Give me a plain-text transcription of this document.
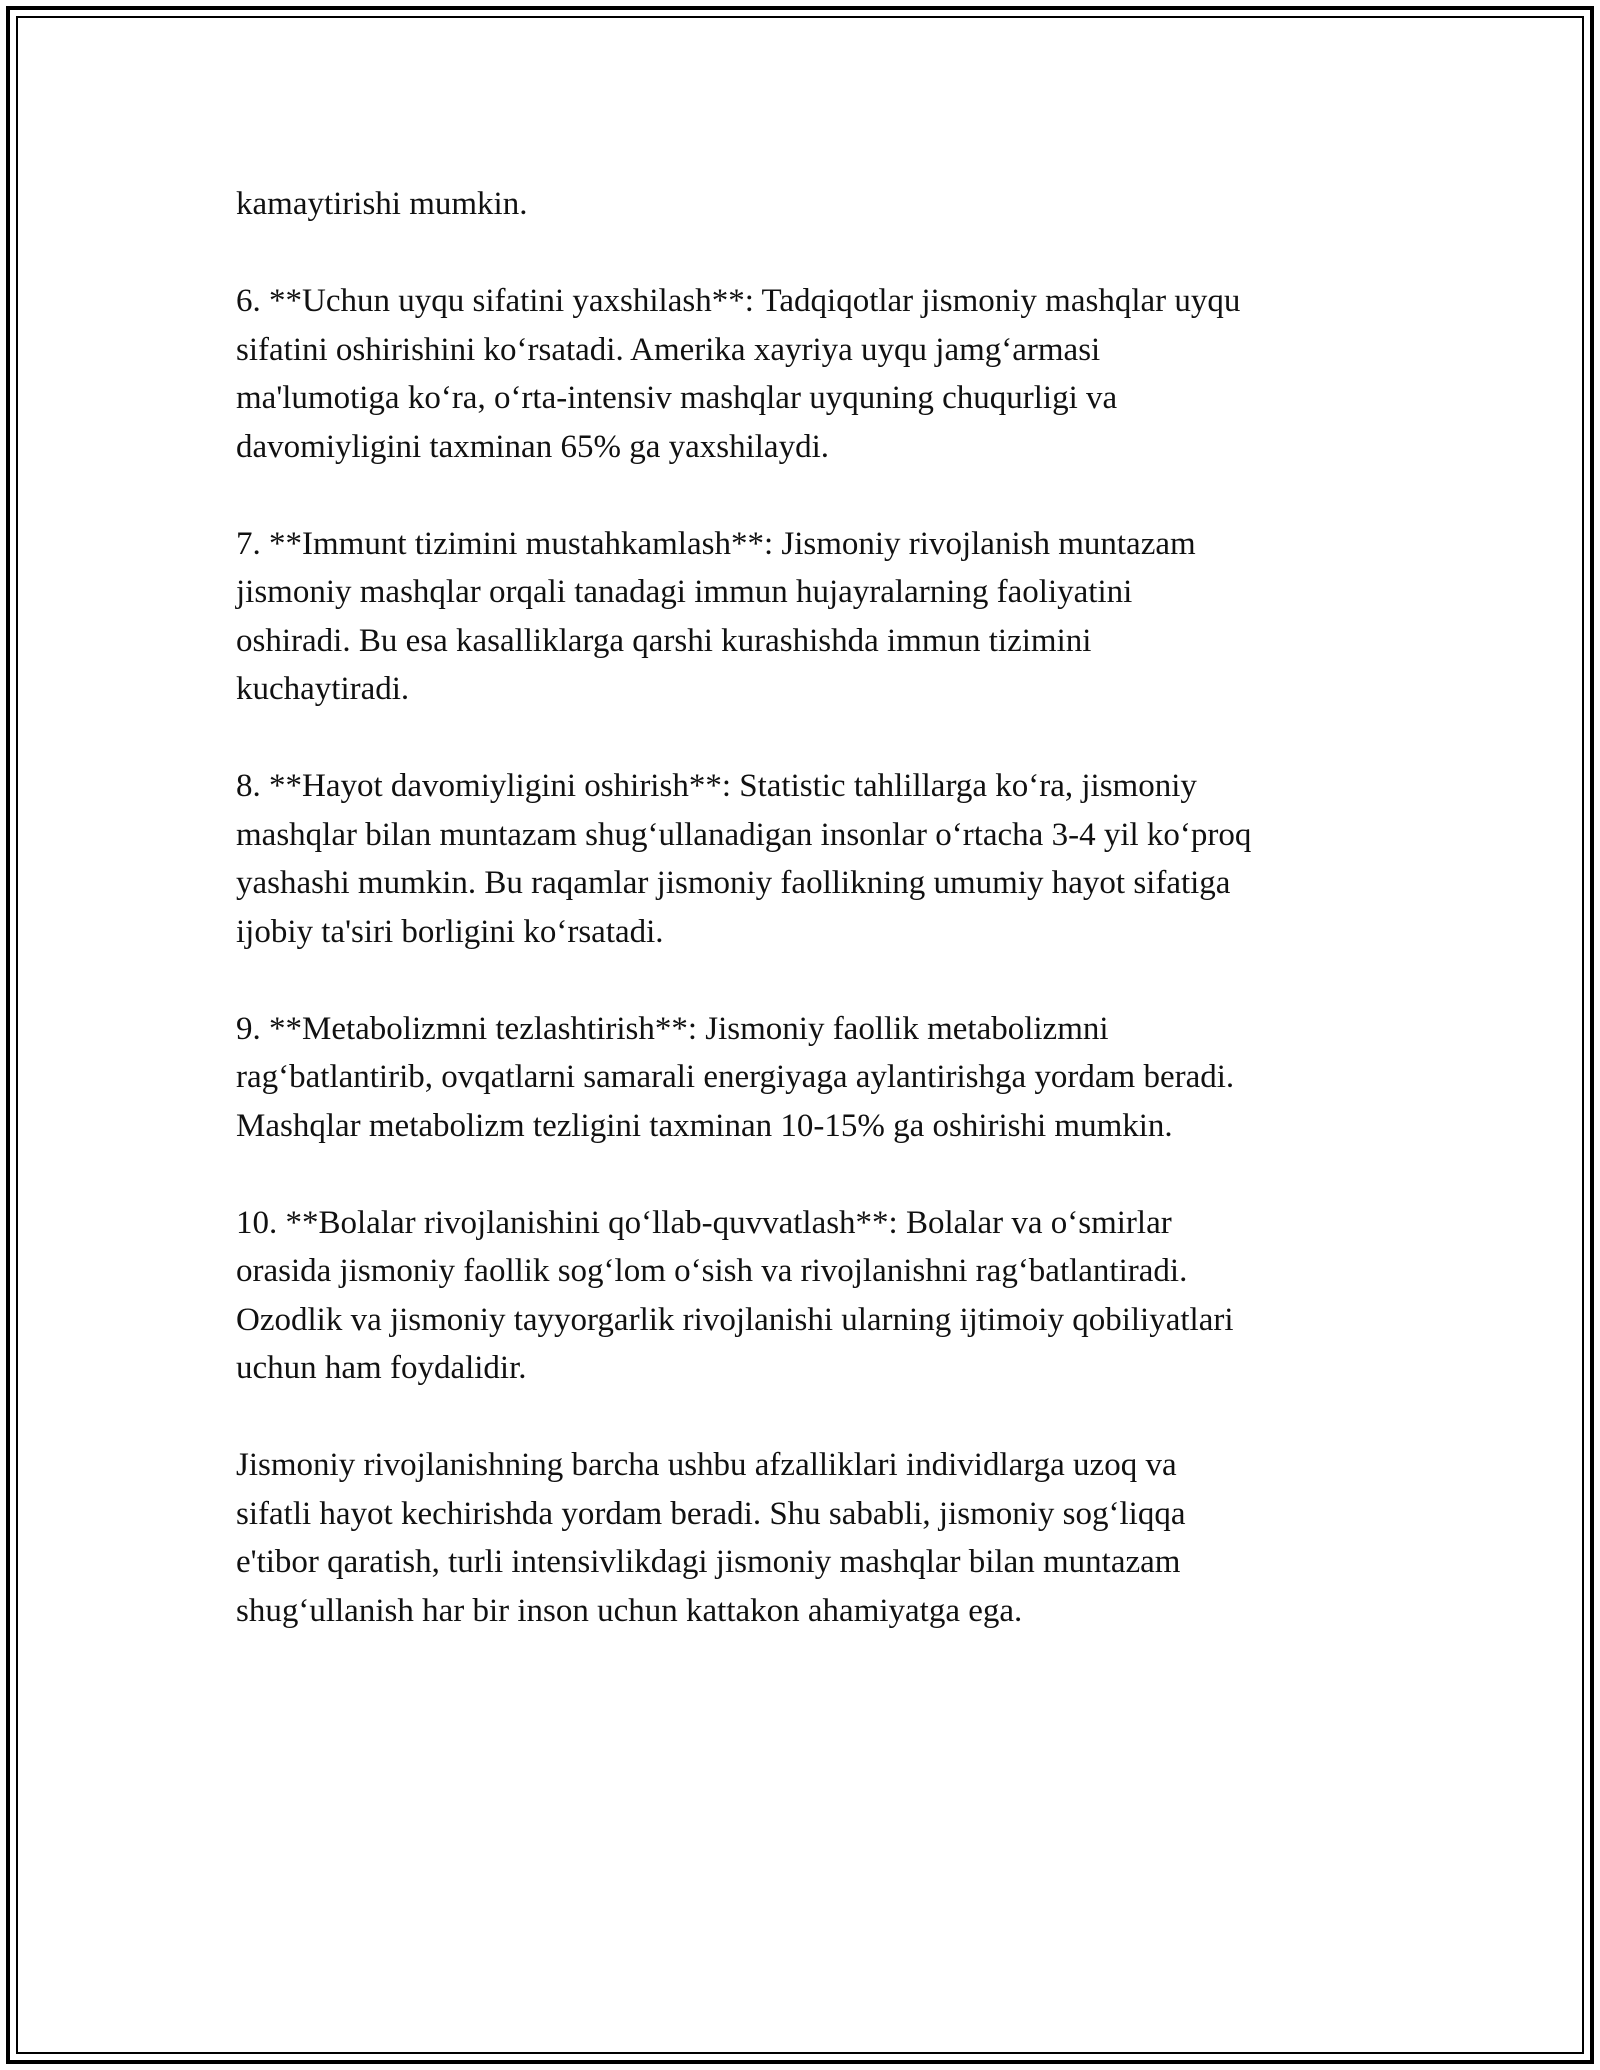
kamaytirishi mumkin.

6. **Uchun uyqu sifatini yaxshilash**: Tadqiqotlar jismoniy mashqlar uyqu
sifatini oshirishini ko‘rsatadi. Amerika xayriya uyqu jamg‘armasi
ma'lumotiga ko‘ra, o‘rta-intensiv mashqlar uyquning chuqurligi va
davomiyligini taxminan 65% ga yaxshilaydi.

7. **Immunt tizimini mustahkamlash**: Jismoniy rivojlanish muntazam
jismoniy mashqlar orqali tanadagi immun hujayralarning faoliyatini
oshiradi. Bu esa kasalliklarga qarshi kurashishda immun tizimini
kuchaytiradi.

8. **Hayot davomiyligini oshirish**: Statistic tahlillarga ko‘ra, jismoniy
mashqlar bilan muntazam shug‘ullanadigan insonlar o‘rtacha 3-4 yil ko‘proq
yashashi mumkin. Bu raqamlar jismoniy faollikning umumiy hayot sifatiga
ijobiy ta'siri borligini ko‘rsatadi.

9. **Metabolizmni tezlashtirish**: Jismoniy faollik metabolizmni
rag‘batlantirib, ovqatlarni samarali energiyaga aylantirishga yordam beradi.
Mashqlar metabolizm tezligini taxminan 10-15% ga oshirishi mumkin.

10. **Bolalar rivojlanishini qo‘llab-quvvatlash**: Bolalar va o‘smirlar
orasida jismoniy faollik sog‘lom o‘sish va rivojlanishni rag‘batlantiradi.
Ozodlik va jismoniy tayyorgarlik rivojlanishi ularning ijtimoiy qobiliyatlari
uchun ham foydalidir.

Jismoniy rivojlanishning barcha ushbu afzalliklari individlarga uzoq va
sifatli hayot kechirishda yordam beradi. Shu sababli, jismoniy sog‘liqqa
e'tibor qaratish, turli intensivlikdagi jismoniy mashqlar bilan muntazam
shug‘ullanish har bir inson uchun kattakon ahamiyatga ega.
